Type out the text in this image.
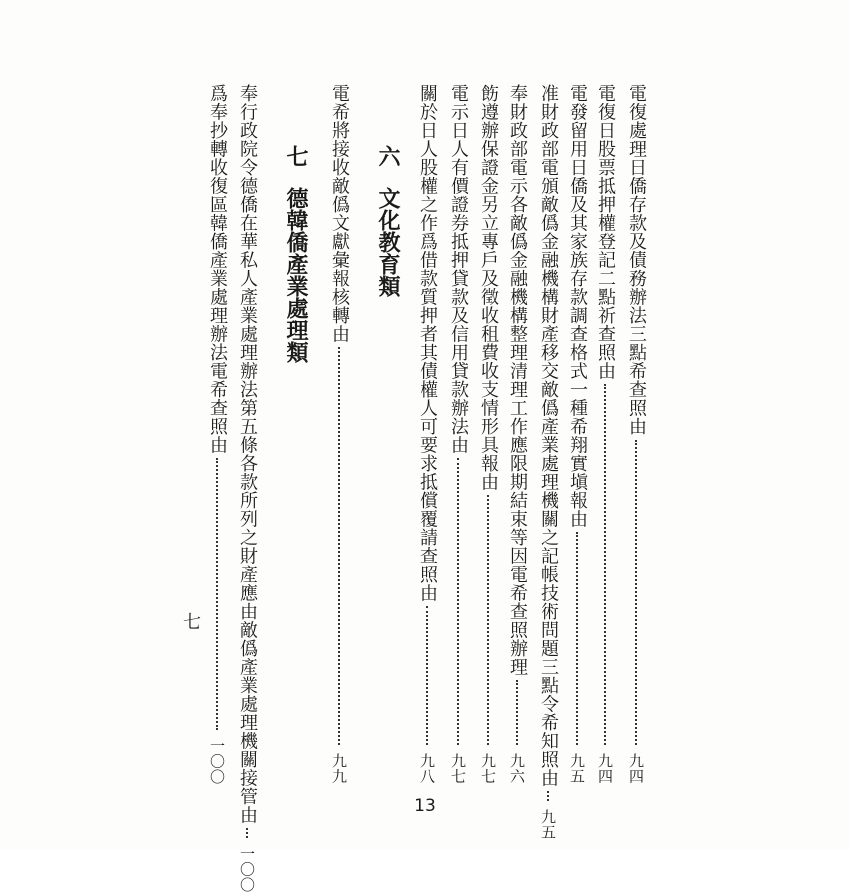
電復處理日僑存款及債務辦法三點希查照由
九四
電復日股票抵押權登記二點祈查照由
九四
電發留用日僑及其家族存款調查格式一種希翔實塡報由
九五
准財政部電頒敵僞金融機構財產移交敵僞產業處理機關之記帳技術問題三點令希知照由
九五
奉財政部電示各敵僞金融機構整理清理工作應限期結束等因電希查照辦理
九六
飭遵辦保證金另立專戶及徵收租費收支情形具報由
九七
電示日人有價證券抵押貸款及信用貸款辦法由
九七
關於日人股權之作爲借款質押者其債權人可要求抵償覆請查照由
九八
六文化教育類
電希將接收敵僞文獻彙報核轉由
九九
七德韓僑產業處理類
奉行政院令德僑在華私人產業處理辦法第五條各款所列之財產應由敵僞產業處理機關接管由
一〇〇
爲奉抄轉收復區韓僑產業處理辦法電希查照由
一〇〇
七
13
